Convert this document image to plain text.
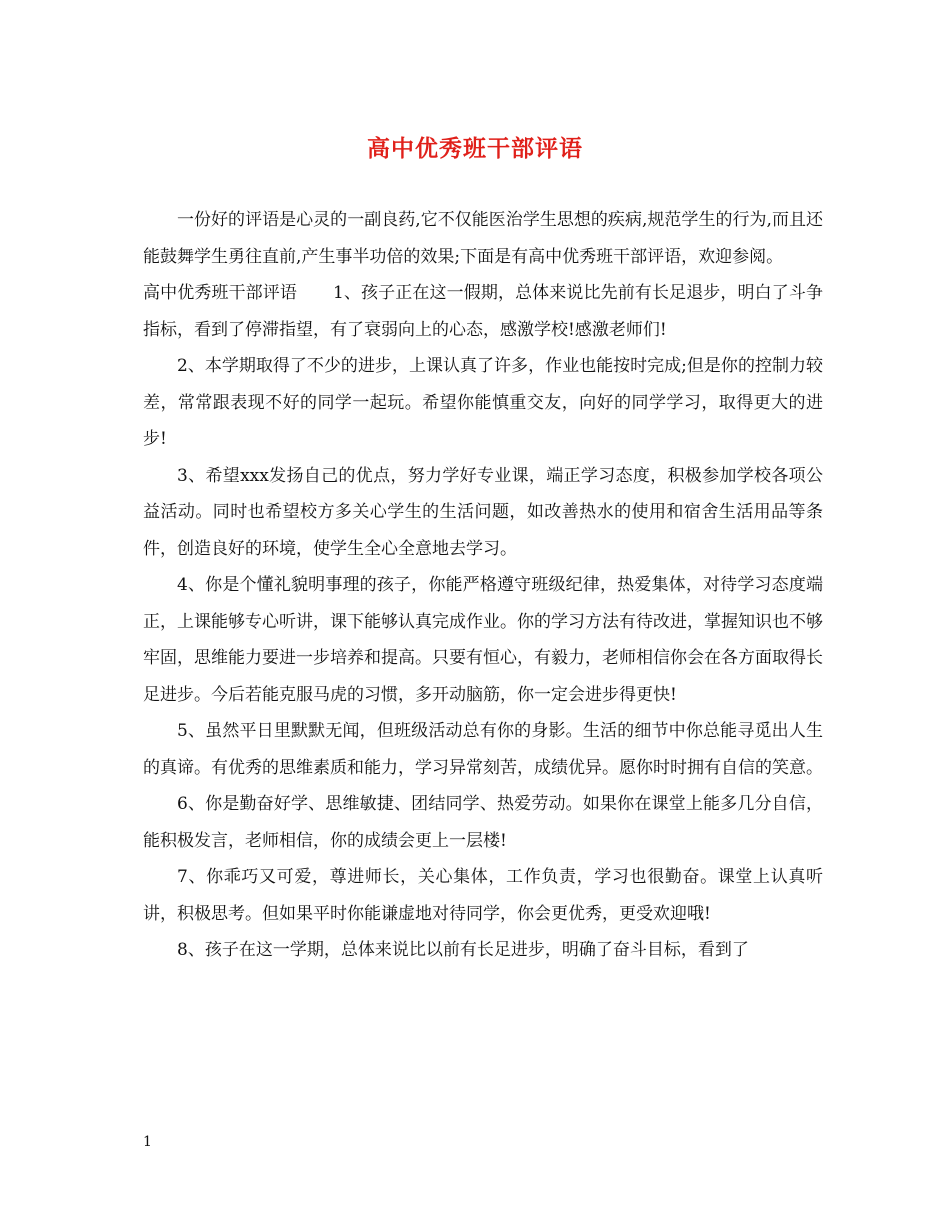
高中优秀班干部评语

一份好的评语是心灵的一副良药,它不仅能医治学生思想的疾病,规范学生的行为,而且还能鼓舞学生勇往直前,产生事半功倍的效果;下面是有高中优秀班干部评语，欢迎参阅。

高中优秀班干部评语 1、孩子正在这一假期，总体来说比先前有长足退步，明白了斗争指标，看到了停滞指望，有了衰弱向上的心态，感激学校!感激老师们!

2、本学期取得了不少的进步，上课认真了许多，作业也能按时完成;但是你的控制力较差，常常跟表现不好的同学一起玩。希望你能慎重交友，向好的同学学习，取得更大的进步!

3、希望xxx发扬自己的优点，努力学好专业课，端正学习态度，积极参加学校各项公益活动。同时也希望校方多关心学生的生活问题，如改善热水的使用和宿舍生活用品等条件，创造良好的环境，使学生全心全意地去学习。

4、你是个懂礼貌明事理的孩子，你能严格遵守班级纪律，热爱集体，对待学习态度端正，上课能够专心听讲，课下能够认真完成作业。你的学习方法有待改进，掌握知识也不够牢固，思维能力要进一步培养和提高。只要有恒心，有毅力，老师相信你会在各方面取得长足进步。今后若能克服马虎的习惯，多开动脑筋，你一定会进步得更快!

5、虽然平日里默默无闻，但班级活动总有你的身影。生活的细节中你总能寻觅出人生的真谛。有优秀的思维素质和能力，学习异常刻苦，成绩优异。愿你时时拥有自信的笑意。

6、你是勤奋好学、思维敏捷、团结同学、热爱劳动。如果你在课堂上能多几分自信，能积极发言，老师相信，你的成绩会更上一层楼!

7、你乖巧又可爱，尊进师长，关心集体，工作负责，学习也很勤奋。课堂上认真听讲，积极思考。但如果平时你能谦虚地对待同学，你会更优秀，更受欢迎哦!

8、孩子在这一学期，总体来说比以前有长足进步，明确了奋斗目标，看到了

1
